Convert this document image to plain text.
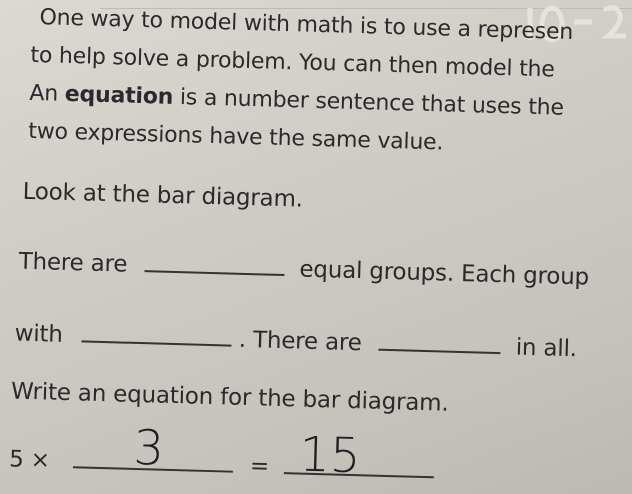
One way to model with math is to use a represen
to help solve a problem. You can then model the
An equation is a number sentence that uses the
two expressions have the same value.
Look at the bar diagram.
There are	equal groups. Each group
with	. There are	in all.
Write an equation for the bar diagram.
5 ×	=
3	15
